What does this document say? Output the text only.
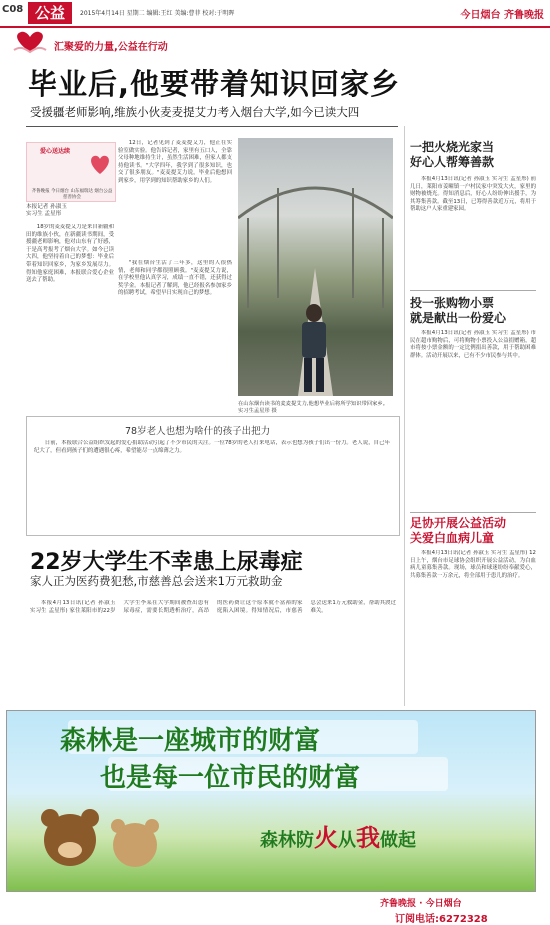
C08 公益	2015年4月14日 星期二 编辑:王红 美编:曹菲 校对:于明晖	今日烟台 齐鲁晚报
汇聚爱的力量,公益在行动
毕业后,他要带着知识回家乡
受援疆老师影响,维族小伙麦麦提艾力考入烟台大学,如今已读大四
爱心送达续
齐鲁晚报 今日烟台 山东福瑞达 烟台公益慈善协会
本报记者 孙淑玉
实习生 孟星彤

18岁的麦麦提艾力是来自新疆和田的维族小伙，在新疆读书期间，受援疆老师影响，他对山东有了好感，于是高考报考了烟台大学。如今已读大四，他坚持着自己的梦想：毕业后带着知识回家乡，为家乡发展尽力。得知他家庭困难，本报联合爱心企业送去了帮助。

12日，记者见到了麦麦提艾力，他正在实验室做实验。他告诉记者，家里有五口人，全靠父母种地维持生计，虽然生活困难，但家人都支持他读书。"大学四年，我学到了很多知识，也交了很多朋友。"麦麦提艾力说，毕业后他想回到家乡，用学到的知识帮助家乡的人们。

"我在烟台生活了三年多，这里的人很热情，老师和同学都很照顾我。"麦麦提艾力说，在学校里他认真学习，成绩一直不错，还获得过奖学金。本报记者了解到，他已经报名参加家乡的招聘考试，希望早日实现自己的梦想。

在山东烟台读书的麦麦提艾力,他想毕业后将所学知识带回家乡。 实习生孟星彤 摄
一把火烧光家当
好心人帮筹善款

本报4月13日讯(记者 孙淑玉 实习生 孟星彤) 前几日，莱阳市姜疃镇一户村民家中突发大火，家里的财物被烧光。得知消息后，好心人纷纷伸出援手，为其筹集善款。截至13日，已筹得善款近万元，将用于帮助这户人家重建家园。

投一张购物小票
就是献出一份爱心

本报4月13日讯(记者 孙淑玉 实习生 孟星彤) 市民在超市购物后，可将购物小票投入公益捐赠箱，超市将按小票金额的一定比例捐出善款，用于帮助困难群体。活动开展以来，已有不少市民参与其中。

足协开展公益活动
关爱白血病儿童

本报4月13日讯(记者 孙淑玉 实习生 孟星彤) 12日上午，烟台市足球协会组织开展公益活动，为白血病儿童募集善款。现场，球员和球迷纷纷奉献爱心，共募集善款一万余元，将全部用于患儿的治疗。

78岁老人也想为啥什的孩子出把力

日前，本报联合公益组织发起的爱心捐助活动引起了不少市民的关注。一位78岁的老人打来电话，表示也想为孩子们出一份力。老人说，自己年纪大了，但看到孩子们的遭遇很心疼，希望能尽一点绵薄之力。

22岁大学生不幸患上尿毒症
家人正为医药费犯愁,市慈善总会送来1万元救助金

本报4月13日讯(记者 孙淑玉 实习生 孟星彤) 家住莱阳市的22岁大学生李某在大学期间被查出患有尿毒症，需要长期透析治疗，高昂的医药费让这个原本就不富裕的家庭陷入困境。得知情况后，市慈善总会送来1万元救助金，帮助其渡过难关。

森林是一座城市的财富
也是每一位市民的财富
森林防火从我做起
齐鲁晚报 · 今日烟台
订阅电话:6272328
